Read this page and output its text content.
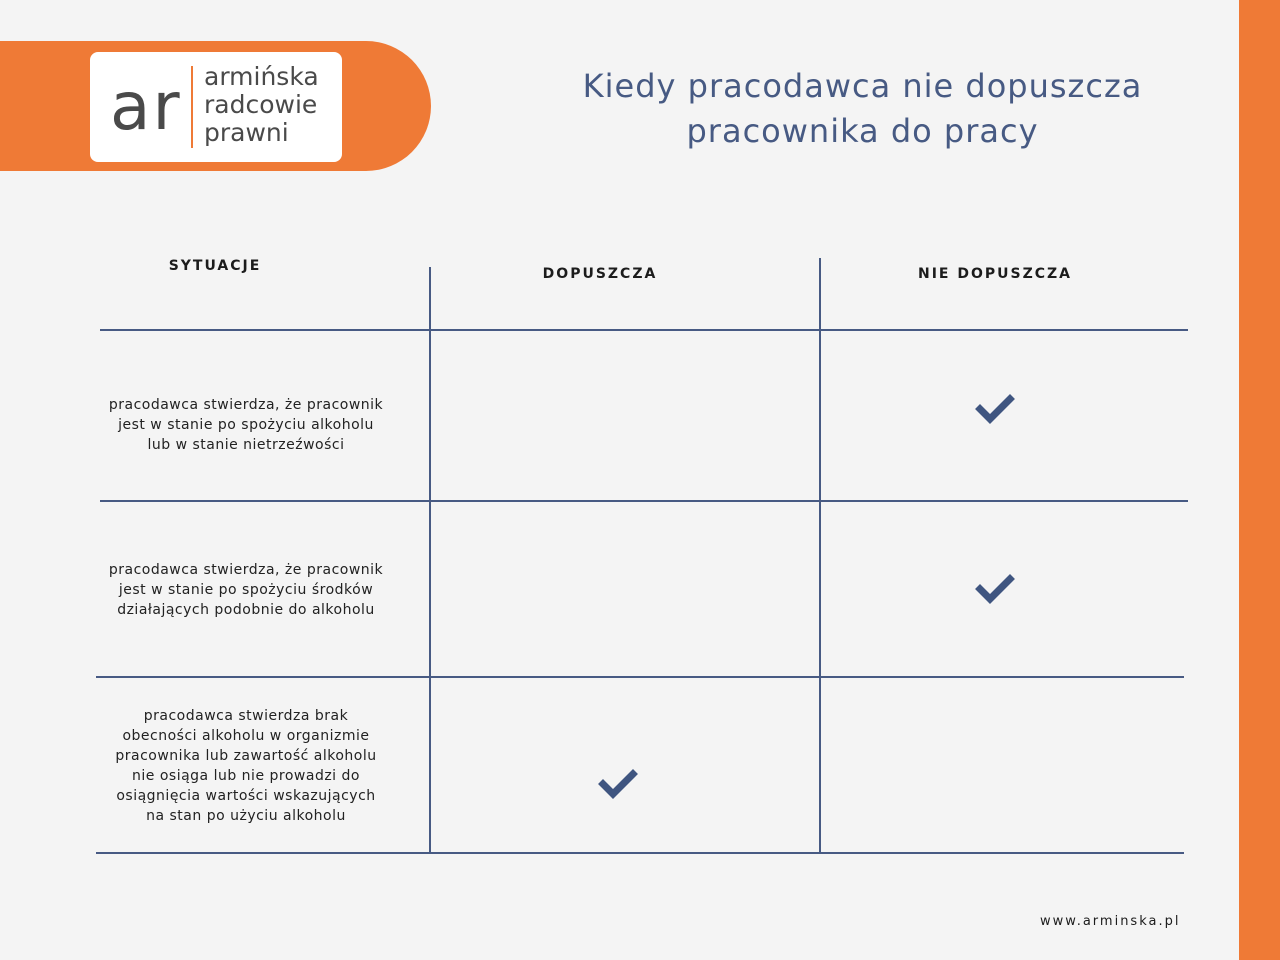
ar armińska
radcowie
prawni
Kiedy pracodawca nie dopuszcza
pracownika do pracy
SYTUACJE	DOPUSZCZA	NIE DOPUSZCZA
pracodawca stwierdza, że pracownik
jest w stanie po spożyciu alkoholu
lub w stanie nietrzeźwości
pracodawca stwierdza, że pracownik
jest w stanie po spożyciu środków
działających podobnie do alkoholu
pracodawca stwierdza brak
obecności alkoholu w organizmie
pracownika lub zawartość alkoholu
nie osiąga lub nie prowadzi do
osiągnięcia wartości wskazujących
na stan po użyciu alkoholu
www.arminska.pl
